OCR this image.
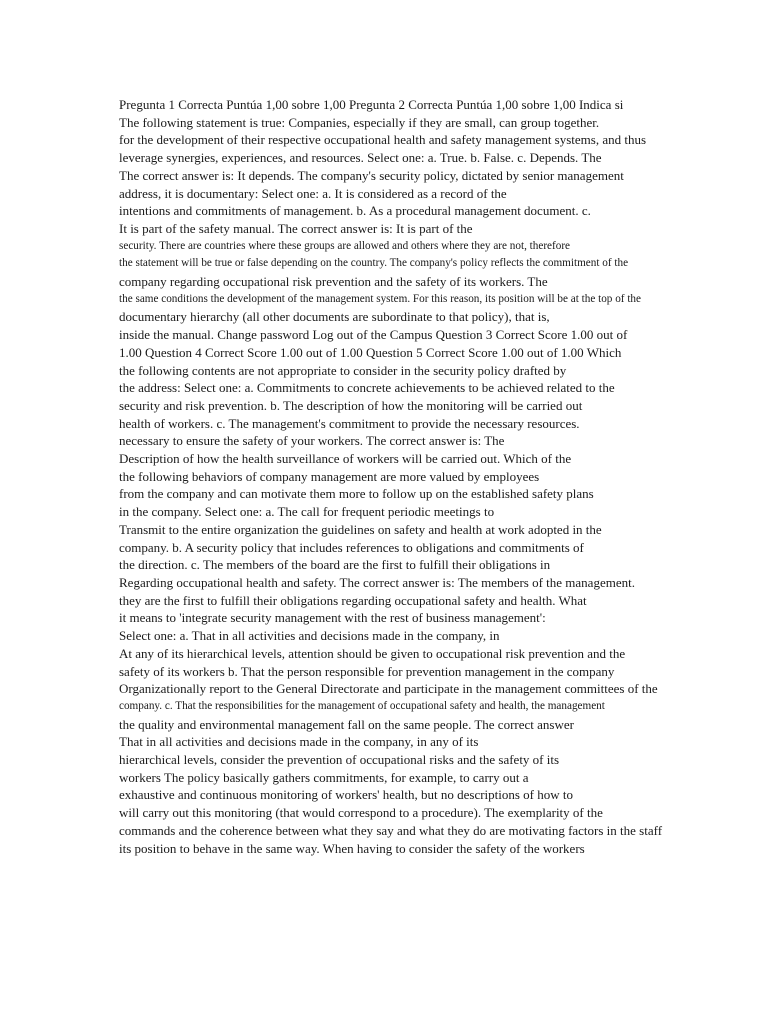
Pregunta 1 Correcta Puntúa 1,00 sobre 1,00 Pregunta 2 Correcta Puntúa 1,00 sobre 1,00 Indica si
The following statement is true: Companies, especially if they are small, can group together.
for the development of their respective occupational health and safety management systems, and thus
leverage synergies, experiences, and resources. Select one: a. True. b. False. c. Depends. The
The correct answer is: It depends. The company's security policy, dictated by senior management
address, it is documentary: Select one: a. It is considered as a record of the
intentions and commitments of management. b. As a procedural management document. c.
It is part of the safety manual. The correct answer is: It is part of the
security. There are countries where these groups are allowed and others where they are not, therefore
the statement will be true or false depending on the country. The company's policy reflects the commitment of the
company regarding occupational risk prevention and the safety of its workers. The
the same conditions the development of the management system. For this reason, its position will be at the top of the
documentary hierarchy (all other documents are subordinate to that policy), that is,
inside the manual. Change password Log out of the Campus Question 3 Correct Score 1.00 out of
1.00 Question 4 Correct Score 1.00 out of 1.00 Question 5 Correct Score 1.00 out of 1.00 Which
the following contents are not appropriate to consider in the security policy drafted by
the address: Select one: a. Commitments to concrete achievements to be achieved related to the
security and risk prevention. b. The description of how the monitoring will be carried out
health of workers. c. The management's commitment to provide the necessary resources.
necessary to ensure the safety of your workers. The correct answer is: The
Description of how the health surveillance of workers will be carried out. Which of the
the following behaviors of company management are more valued by employees
from the company and can motivate them more to follow up on the established safety plans
in the company. Select one: a. The call for frequent periodic meetings to
Transmit to the entire organization the guidelines on safety and health at work adopted in the
company. b. A security policy that includes references to obligations and commitments of
the direction. c. The members of the board are the first to fulfill their obligations in
Regarding occupational health and safety. The correct answer is: The members of the management.
they are the first to fulfill their obligations regarding occupational safety and health. What
it means to 'integrate security management with the rest of business management':
Select one: a. That in all activities and decisions made in the company, in
At any of its hierarchical levels, attention should be given to occupational risk prevention and the
safety of its workers b. That the person responsible for prevention management in the company
Organizationally report to the General Directorate and participate in the management committees of the
company. c. That the responsibilities for the management of occupational safety and health, the management
the quality and environmental management fall on the same people. The correct answer
That in all activities and decisions made in the company, in any of its
hierarchical levels, consider the prevention of occupational risks and the safety of its
workers The policy basically gathers commitments, for example, to carry out a
exhaustive and continuous monitoring of workers' health, but no descriptions of how to
will carry out this monitoring (that would correspond to a procedure). The exemplarity of the
commands and the coherence between what they say and what they do are motivating factors in the staff
its position to behave in the same way. When having to consider the safety of the workers
